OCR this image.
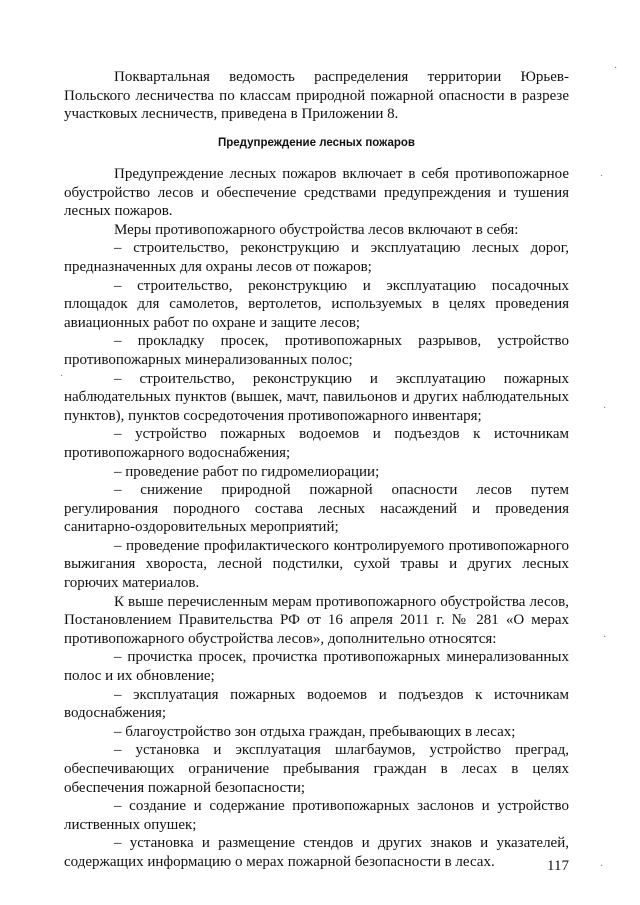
Поквартальная ведомость распределения территории Юрьев- Польского лесничества по классам природной пожарной опасности в разрезе участковых лесничеств, приведена в Приложении 8.

Предупреждение лесных пожаров

Предупреждение лесных пожаров включает в себя противопожарное обустройство лесов и обеспечение средствами предупреждения и тушения лесных пожаров.

Меры противопожарного обустройства лесов включают в себя:

– строительство, реконструкцию и эксплуатацию лесных дорог, предназначенных для охраны лесов от пожаров;

– строительство, реконструкцию и эксплуатацию посадочных площадок для самолетов, вертолетов, используемых в целях проведения авиационных работ по охране и защите лесов;

– прокладку просек, противопожарных разрывов, устройство противопожарных минерализованных полос;

– строительство, реконструкцию и эксплуатацию пожарных наблюдательных пунктов (вышек, мачт, павильонов и других наблюдательных пунктов), пунктов сосредоточения противопожарного инвентаря;

– устройство пожарных водоемов и подъездов к источникам противопожарного водоснабжения;

– проведение работ по гидромелиорации;

– снижение природной пожарной опасности лесов путем регулирования породного состава лесных насаждений и проведения санитарно-оздоровительных мероприятий;

– проведение профилактического контролируемого противопожарного выжигания хвороста, лесной подстилки, сухой травы и других лесных горючих материалов.

К выше перечисленным мерам противопожарного обустройства лесов, Постановлением Правительства РФ от 16 апреля 2011 г. № 281 «О мерах противопожарного обустройства лесов», дополнительно относятся:

– прочистка просек, прочистка противопожарных минерализованных полос и их обновление;

– эксплуатация пожарных водоемов и подъездов к источникам водоснабжения;

– благоустройство зон отдыха граждан, пребывающих в лесах;

– установка и эксплуатация шлагбаумов, устройство преград, обеспечивающих ограничение пребывания граждан в лесах в целях обеспечения пожарной безопасности;

– создание и содержание противопожарных заслонов и устройство лиственных опушек;

– установка и размещение стендов и других знаков и указателей, содержащих информацию о мерах пожарной безопасности в лесах.	117
·
·
·
·
·
·
